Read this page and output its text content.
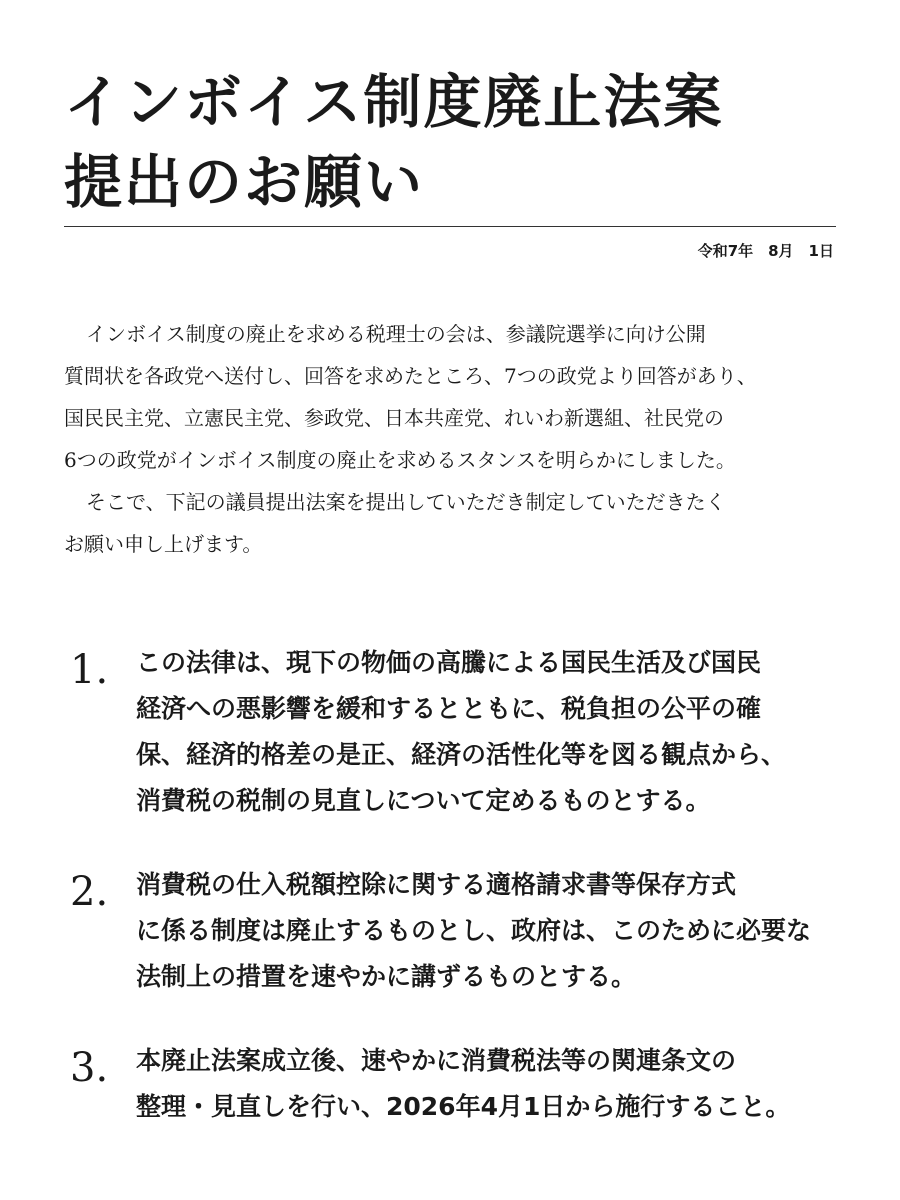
インボイス制度廃止法案
提出のお願い
令和7年　8月　1日
インボイス制度の廃止を求める税理士の会は、参議院選挙に向け公開
質問状を各政党へ送付し、回答を求めたところ、7つの政党より回答があり、
国民民主党、立憲民主党、参政党、日本共産党、れいわ新選組、社民党の
6つの政党がインボイス制度の廃止を求めるスタンスを明らかにしました。
そこで、下記の議員提出法案を提出していただき制定していただきたく
お願い申し上げます。
1. この法律は、現下の物価の高騰による国民生活及び国民
経済への悪影響を緩和するとともに、税負担の公平の確
保、経済的格差の是正、経済の活性化等を図る観点から、
消費税の税制の見直しについて定めるものとする。
2. 消費税の仕入税額控除に関する適格請求書等保存方式
に係る制度は廃止するものとし、政府は、このために必要な
法制上の措置を速やかに講ずるものとする。
3. 本廃止法案成立後、速やかに消費税法等の関連条文の
整理・見直しを行い、2026年4月1日から施行すること。
